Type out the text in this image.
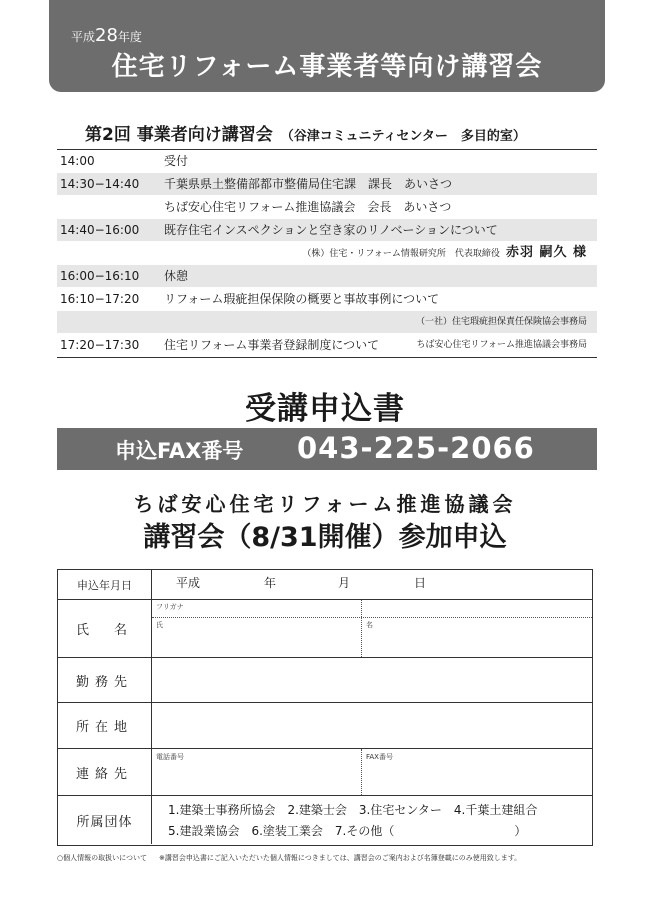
平成28年度
住宅リフォーム事業者等向け講習会
第2回 事業者向け講習会 （谷津コミュニティセンター　多目的室）
14:00	受付
14:30−14:40 千葉県県土整備部都市整備局住宅課　課長　あいさつ
ちば安心住宅リフォーム推進協議会　会長　あいさつ
14:40−16:00 既存住宅インスペクションと空き家のリノベーションについて
（株）住宅・リフォーム情報研究所　代表取締役 赤羽 嗣久 様
16:00−16:10 休憩
16:10−17:20 リフォーム瑕疵担保保険の概要と事故事例について
（一社）住宅瑕疵担保責任保険協会事務局
17:20−17:30 住宅リフォーム事業者登録制度について	ちば安心住宅リフォーム推進協議会事務局
受講申込書
申込FAX番号 043-225-2066
ちば安心住宅リフォーム推進協議会
講習会（8/31開催）参加申込
申込年月日	平成	年	月	日
氏　名
フリガナ
氏	名
勤務先
所在地
連絡先
電話番号	FAX番号
所属団体
1.建築士事務所協会　2.建築士会　3.住宅センター　4.千葉土建組合
5.建設業協会　6.塗装工業会　7.その他（　　　　　　　　　　）
○個人情報の取扱いについて ※講習会申込書にご記入いただいた個人情報につきましては、講習会のご案内および名簿登載にのみ使用致します。
